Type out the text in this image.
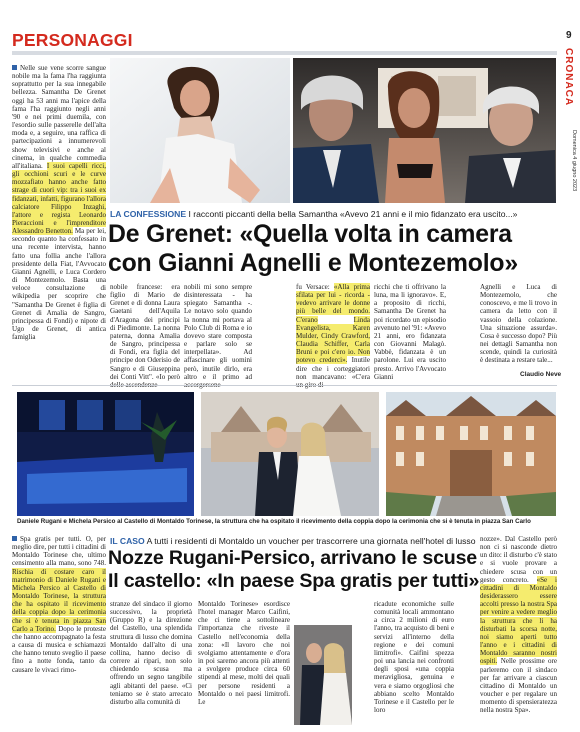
PERSONAGGI	9
CRONACA
Domenica 4 giugno 2023

Nelle sue vene scorre sangue nobile ma la fama l'ha raggiunta soprattutto per la sua innegabile bellezza. Samantha De Grenet oggi ha 53 anni ma l'apice della fama l'ha raggiunto negli anni '90 e nei primi duemila, con l'esordio sulle passerelle dell'alta moda e, a seguire, una raffica di partecipazioni a innumerevoli show televisivi e anche al cinema, in qualche commedia all'italiana. I suoi capelli ricci, gli occhioni scuri e le curve mozzafiato hanno anche fatto strage di cuori vip: tra i suoi ex fidanzati, infatti, figurano l'allora calciatore Filippo Inzaghi, l'attore e regista Leonardo Pieraccioni e l'imprenditore Alessandro Benetton. Ma per lei, secondo quanto ha confessato in una recente intervista, hanno fatto una follia anche l'allora presidente della Fiat, l'Avvocato Gianni Agnelli, e Luca Cordero di Montezemolo. Basta una veloce consultazione di wikipedia per scoprire che "Samantha De Grenet è figlia di Grenet di Amalia de Sangro, principessa di Fondi) e nipote di Ugo de Grenet, di antica famiglia

LA CONFESSIONE I racconti piccanti della bella Samantha «Avevo 21 anni e il mio fidanzato era uscito...»
De Grenet: «Quella volta in camera
con Gianni Agnelli e Montezemolo»
nobile francese: era figlio di Mario de Grenet e di donna Laura Gaetani dell'Aquila d'Aragona dei principi di Piedimonte. La nonna paterna, donna Amalia de Sangro, principessa di Fondi, era figlia del principe don Oderisio de Sangro e di Giuseppina dei Conti Vitt". «Io però
nobili mi sono sempre disinteressata - ha spiegato Samantha -. Le notavo solo quando la nonna mi portava al Polo Club di Roma e io dovevo stare composta e parlare solo se interpellata». Ad affascinare gli uomini però, inutile dirlo, era altro e il primo ad
fu Versace: «Alla prima sfilata per lui - ricorda - vedevo arrivare le donne più belle del mondo. C'erano	Linda Evangelista, Karen Mulder, Cindy Crawford, Claudia Schiffer, Carla Bruni e poi c'ero io. Non potevo crederci». Inutile dire che i corteggiatori non mancavano: «C'era
ricchi che ti offrivano la luna, ma li ignoravo». E, a proposito di ricchi, Samantha De Grenet ha poi ricordato un episodio avvenuto nel '91: «Avevo 21 anni, ero fidanzata con Giovanni Malagò. Vabbè, fidanzata è un parolone. Lui era uscito presto. Arrivo l'Avvocato Gianni
Agnelli e Luca di Montezemolo, che conoscevo, e me li trovo in camera da letto con il vassoio della colazione. Una situazione assurda». Cosa è successo dopo? Più nei dettagli Samantha non scende, quindi la curiosità è destinata a restare tale...
Claudio Neve
Daniele Rugani e Michela Persico al Castello di Montaldo Torinese, la struttura che ha ospitato il ricevimento della coppia dopo la cerimonia che si è tenuta in piazza San Carlo

Spa gratis per tutti. O, per meglio dire, per tutti i cittadini di Montaldo Torinese che, ultimo censimento alla mano, sono 748. Rischia di costare caro il matrimonio di Daniele Rugani e Michela Persico al Castello di Montaldo Torinese, la struttura che ha ospitato il ricevimento della coppia dopo la cerimonia che si è tenuta in piazza San Carlo a Torino. Dopo le proteste che hanno accompagnato la festa a causa di musica e schiamazzi che hanno tenuto sveglio il paese fino a notte fonda, tanto da causare le vivaci rimo-

IL CASO A tutti i residenti di Montaldo un voucher per trascorrere una giornata nell'hotel di lusso
Nozze Rugani-Persico, arrivano le scuse
Il castello: «In paese Spa gratis per tutti»
stranze del sindaco il giorno successivo, la proprietà (Gruppo R) e la direzione del Castello, una splendida struttura di lusso che domina Montaldo dall'alto di una collina, hanno deciso di correre ai ripari, non solo chiedendo scusa ma offrendo un segno tangibile agli abitanti del paese. «Ci teniamo se è stato arrecato disturbo alla comunità di
Montaldo Torinese» esordisce l'hotel manager Marco Caifini, che ci tiene a sottolineare l'importanza che riveste il Castello nell'economia della zona: «Il lavoro che noi svolgiamo attentamente e d'ora in poi saremo ancora più attenti a svolgere produce circa 60 stipendi al mese, molti dei quali per persone residenti a Montaldo o nei paesi limitrofi. Le
ricadute economiche sulle comunità locali ammontano a circa 2 milioni di euro l'anno, tra acquisto di beni e servizi all'interno della regione e dei comuni limitrofi». Caifini spezza poi una lancia nei confronti degli sposi «una coppia meravigliosa, genuina e vera e siamo orgogliosi che abbiano scelto Montaldo Torinese e il Castello per le loro
nozze». Dal Castello però non ci si nasconde dietro un dito: il disturbo c'è stato e si vuole provare a chiedere scusa con un gesto concreto. «Se i cittadini di Montaldo desiderassero essere accolti presso la nostra Spa per venire a vedere meglio la struttura che li ha disturbati la scorsa notte, noi siamo aperti tutto l'anno e i cittadini di Montaldo saranno nostri ospiti. Nelle prossime ore parleremo con il sindaco per far arrivare a ciascun cittadino di Montaldo un voucher e per regalare un momento di spensieratezza nella nostra Spa».
